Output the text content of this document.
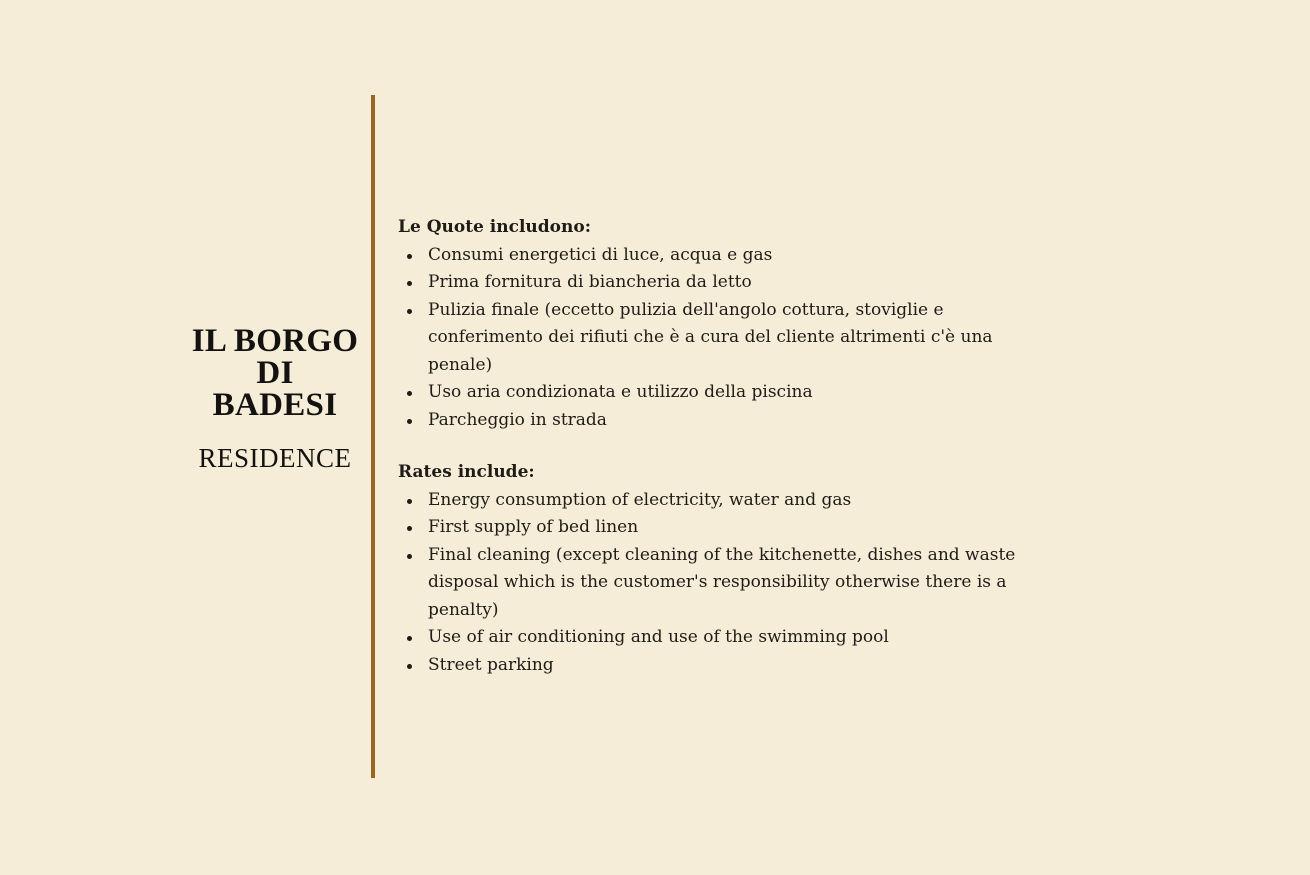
IL BORGO
DI
BADESI
RESIDENCE

Le Quote includono:

Consumi energetici di luce, acqua e gas
Prima fornitura di biancheria da letto
Pulizia finale (eccetto pulizia dell'angolo cottura, stoviglie e conferimento dei rifiuti che è a cura del cliente altrimenti c'è una penale)
Uso aria condizionata e utilizzo della piscina
Parcheggio in strada

Rates include:

Energy consumption of electricity, water and gas
First supply of bed linen
Final cleaning (except cleaning of the kitchenette, dishes and waste disposal which is the customer's responsibility otherwise there is a penalty)
Use of air conditioning and use of the swimming pool
Street parking
